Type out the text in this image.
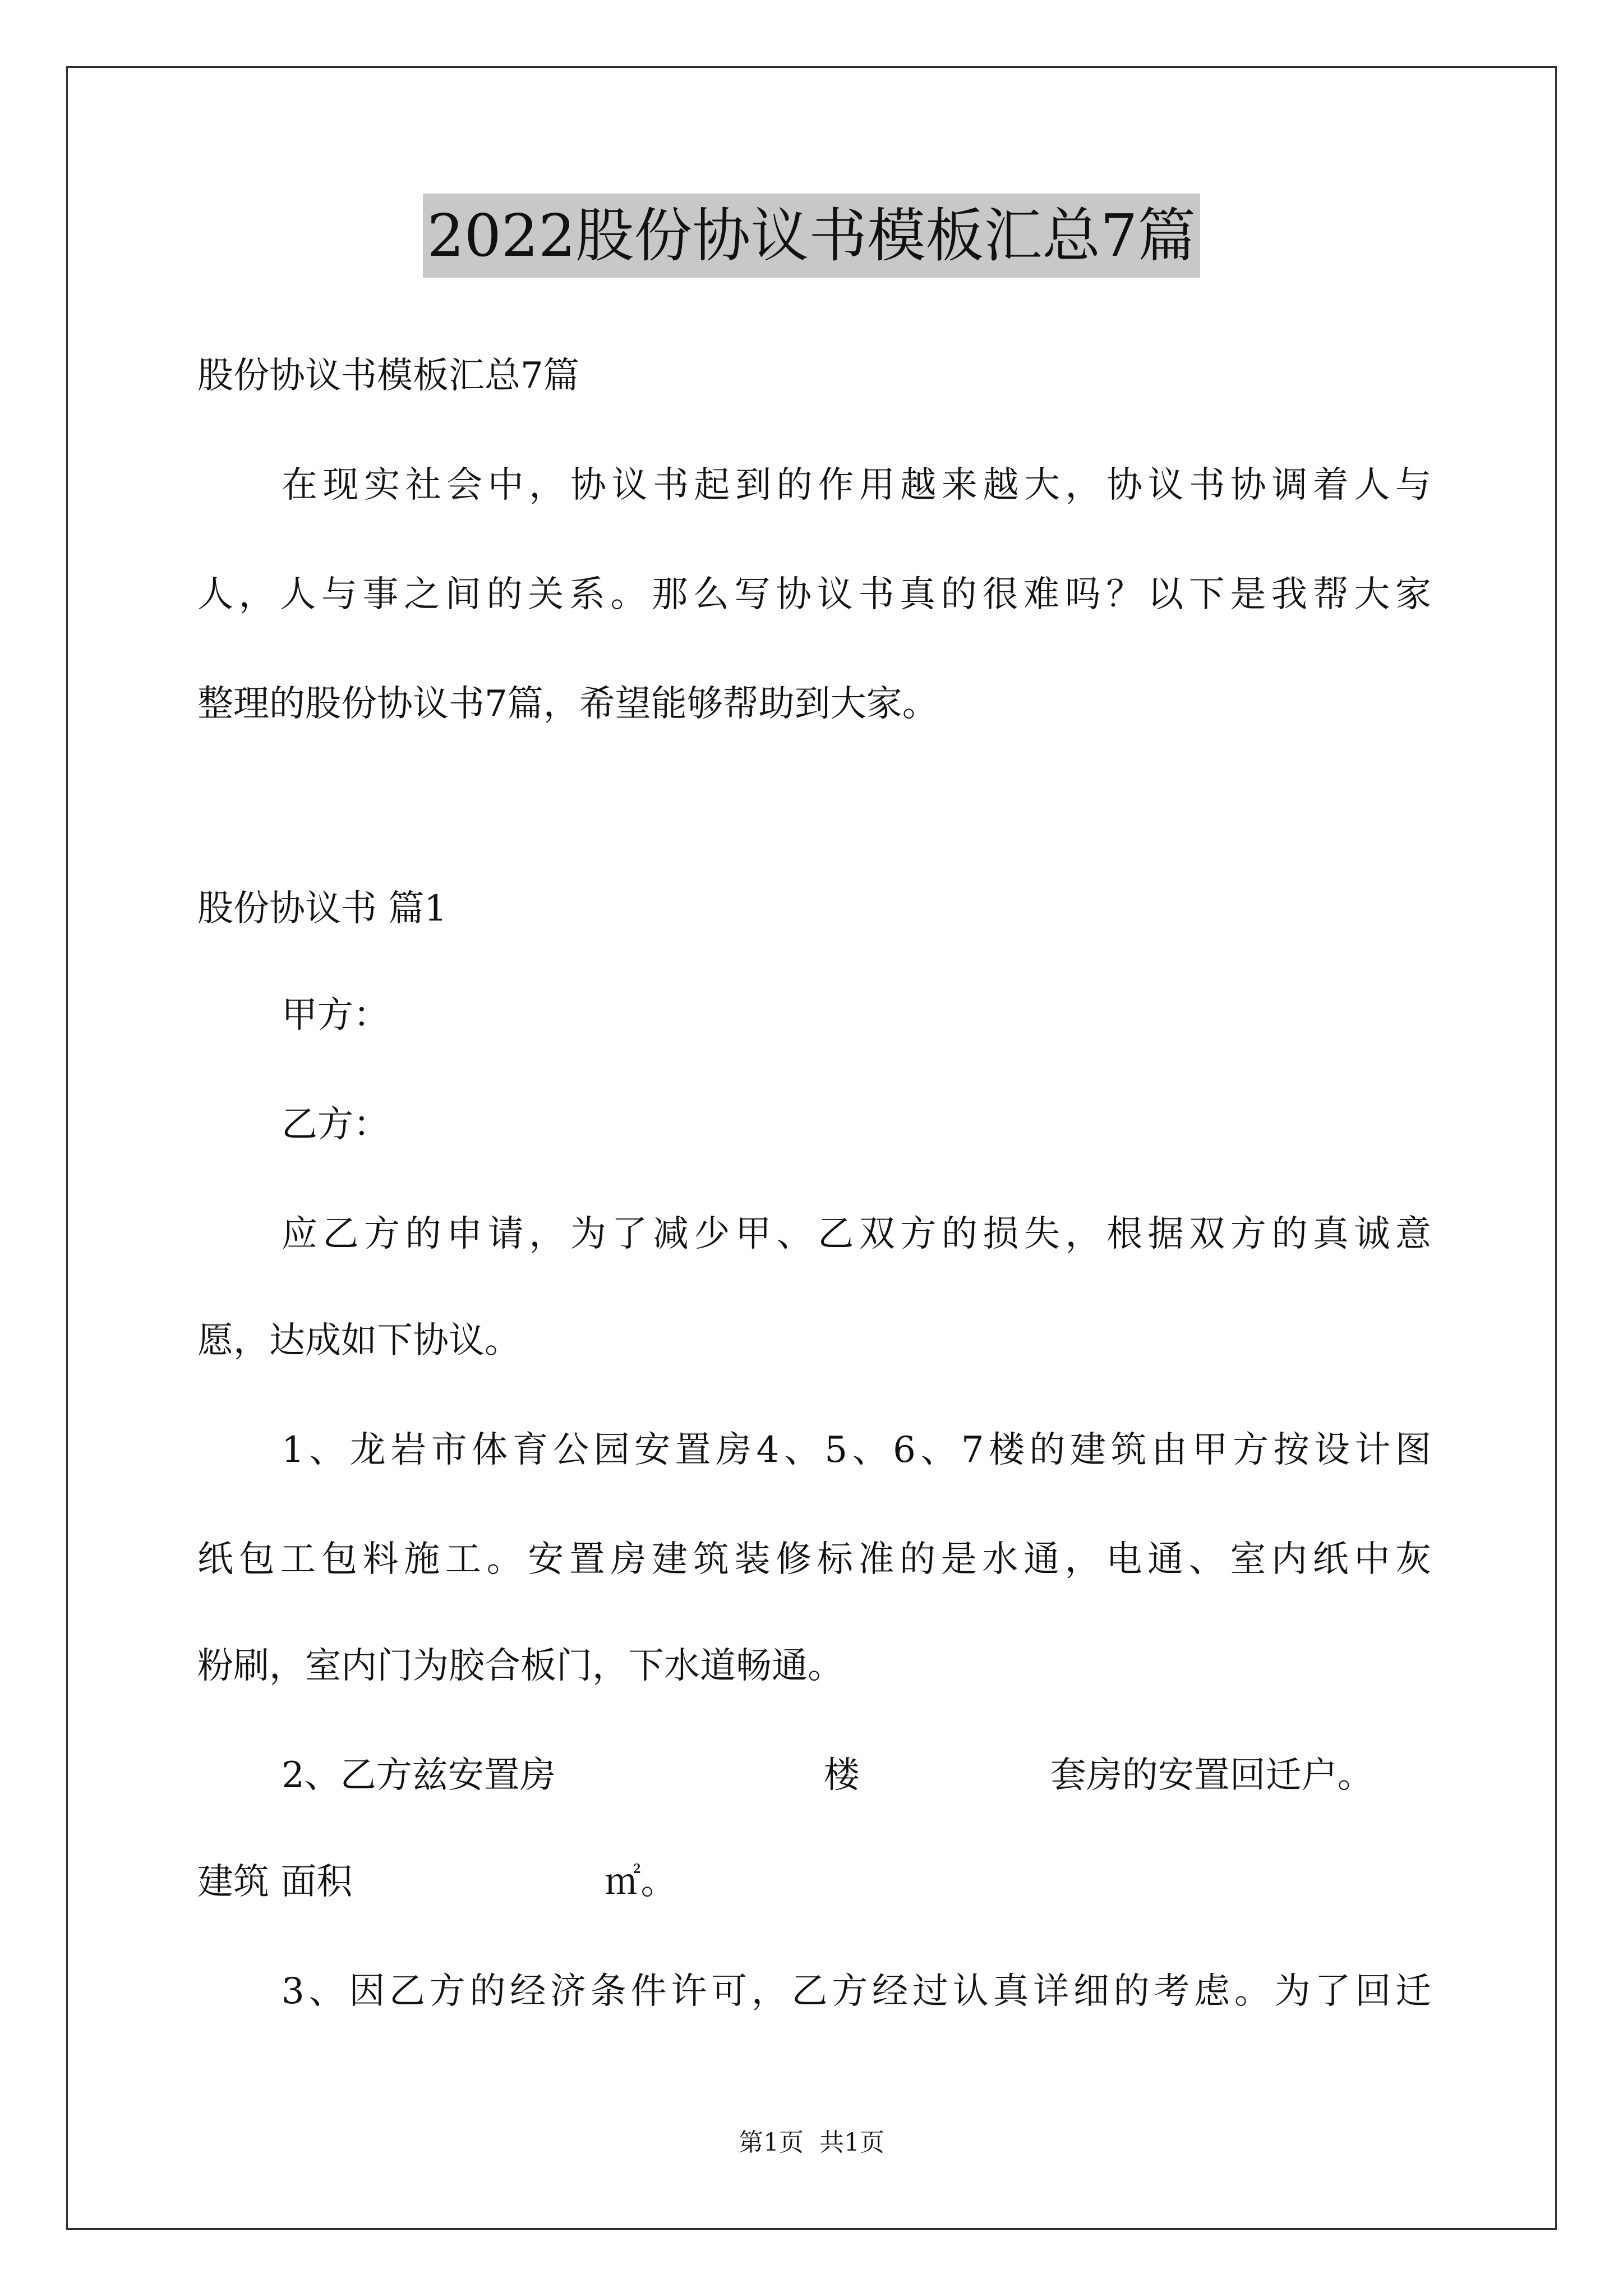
2022股份协议书模板汇总7篇
股份协议书模板汇总7篇
在现实社会中，协议书起到的作用越来越大，协议书协调着人与
人，人与事之间的关系。那么写协议书真的很难吗？以下是我帮大家
整理的股份协议书7篇，希望能够帮助到大家。
股份协议书 篇1
甲方：
乙方：
应乙方的申请，为了减少甲、乙双方的损失，根据双方的真诚意
愿，达成如下协议。
1、龙岩市体育公园安置房4、5、6、7楼的建筑由甲方按设计图
纸包工包料施工。安置房建筑装修标准的是水通，电通、室内纸中灰
粉刷，室内门为胶合板门，下水道畅通。
2、乙方兹安置房	楼	套房的安置回迁户。
建筑 面积	㎡。
3、因乙方的经济条件许可，乙方经过认真详细的考虑。为了回迁
第1页 共1页
